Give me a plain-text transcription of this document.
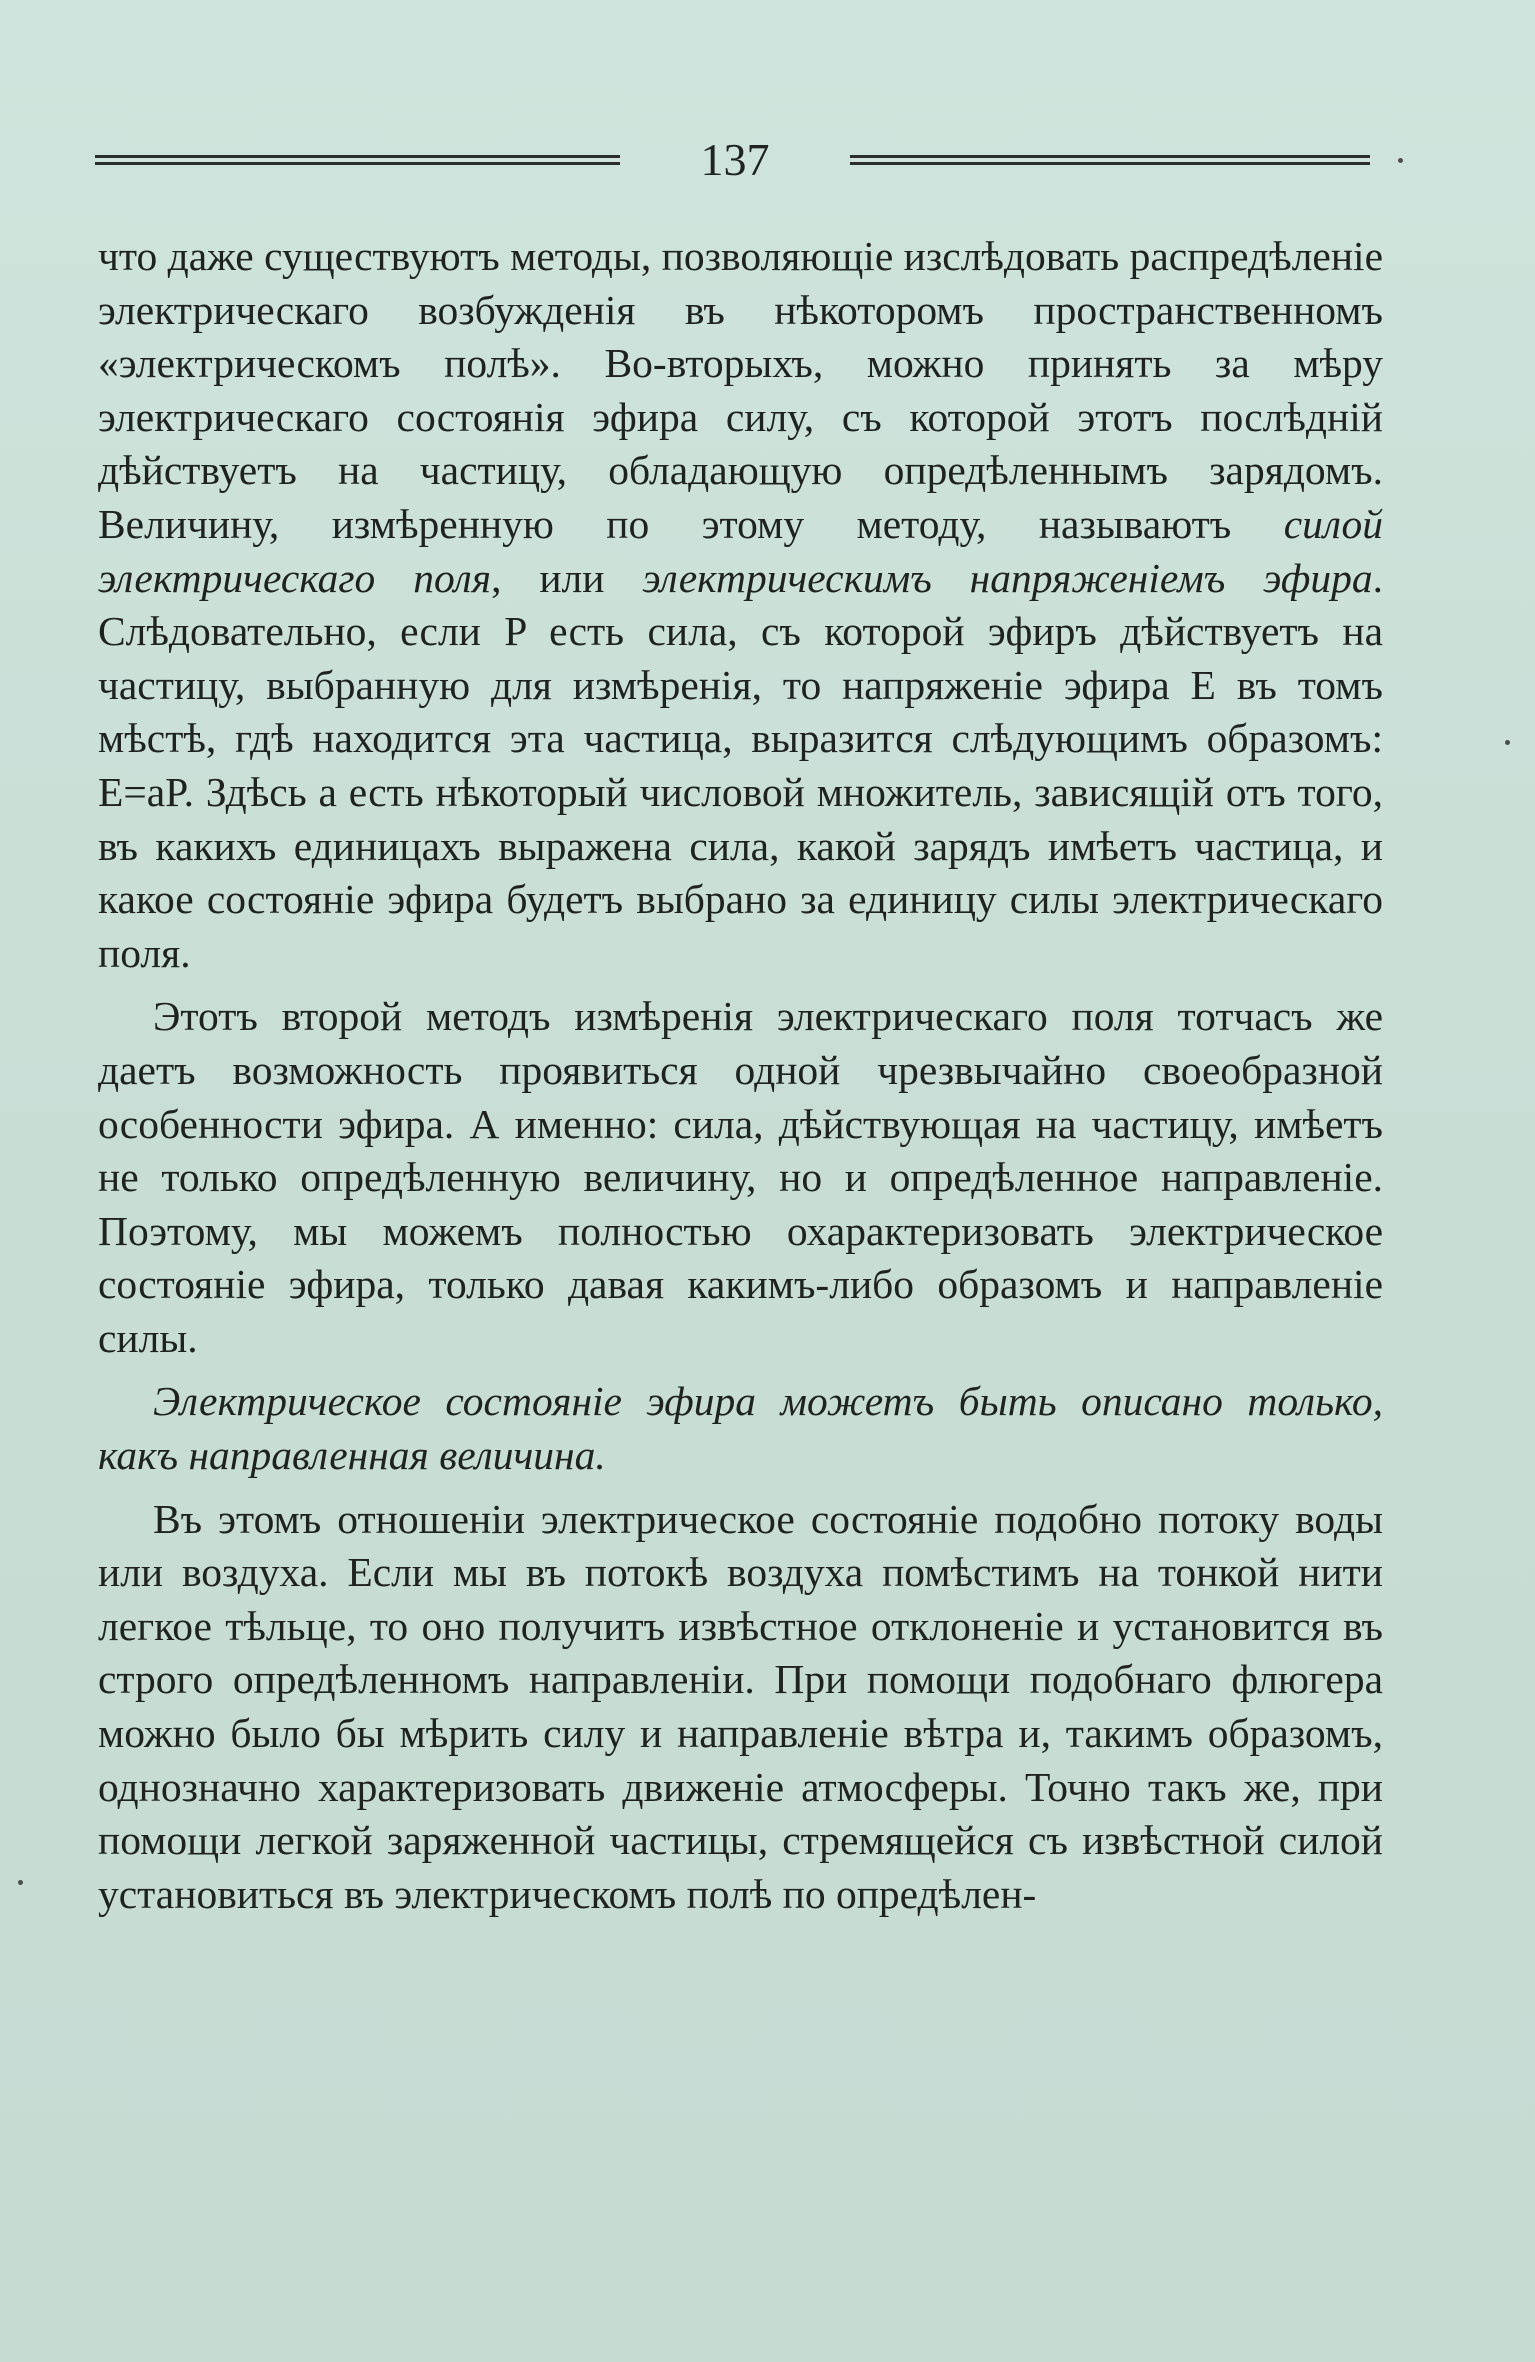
137

что даже существуютъ методы, позволяющіе изслѣдовать распредѣленіе электрическаго возбужденія въ нѣкоторомъ пространственномъ «электрическомъ полѣ». Во-вторыхъ, можно принять за мѣру электрическаго состоянія эфира силу, съ которой этотъ послѣдній дѣйствуетъ на частицу, обладающую опредѣленнымъ зарядомъ. Величину, измѣренную по этому методу, называютъ силой электрическаго поля, или электрическимъ напряженіемъ эфира. Слѣдовательно, если P есть сила, съ которой эфиръ дѣйствуетъ на частицу, выбранную для измѣренія, то напряженіе эфира E въ томъ мѣстѣ, гдѣ находится эта частица, выразится слѣдующимъ образомъ: E=aP. Здѣсь a есть нѣкоторый числовой множитель, зависящій отъ того, въ какихъ единицахъ выражена сила, какой зарядъ имѣетъ частица, и какое состояніе эфира будетъ выбрано за единицу силы электрическаго поля.

Этотъ второй методъ измѣренія электрическаго поля тотчасъ же даетъ возможность проявиться одной чрезвычайно своеобразной особенности эфира. А именно: сила, дѣйствующая на частицу, имѣетъ не только опредѣленную величину, но и опредѣленное направленіе. Поэтому, мы можемъ полностью охарактеризовать электрическое состояніе эфира, только давая какимъ-либо образомъ и направленіе силы.

Электрическое состояніе эфира можетъ быть описано только, какъ направленная величина.

Въ этомъ отношеніи электрическое состояніе подобно потоку воды или воздуха. Если мы въ потокѣ воздуха помѣстимъ на тонкой нити легкое тѣльце, то оно получитъ извѣстное отклоненіе и установится въ строго опредѣленномъ направленіи. При помощи подобнаго флюгера можно было бы мѣрить силу и направленіе вѣтра и, такимъ образомъ, однозначно характеризовать движеніе атмосферы. Точно такъ же, при помощи легкой заряженной частицы, стремящейся съ извѣстной силой установиться въ электрическомъ полѣ по опредѣлен-
